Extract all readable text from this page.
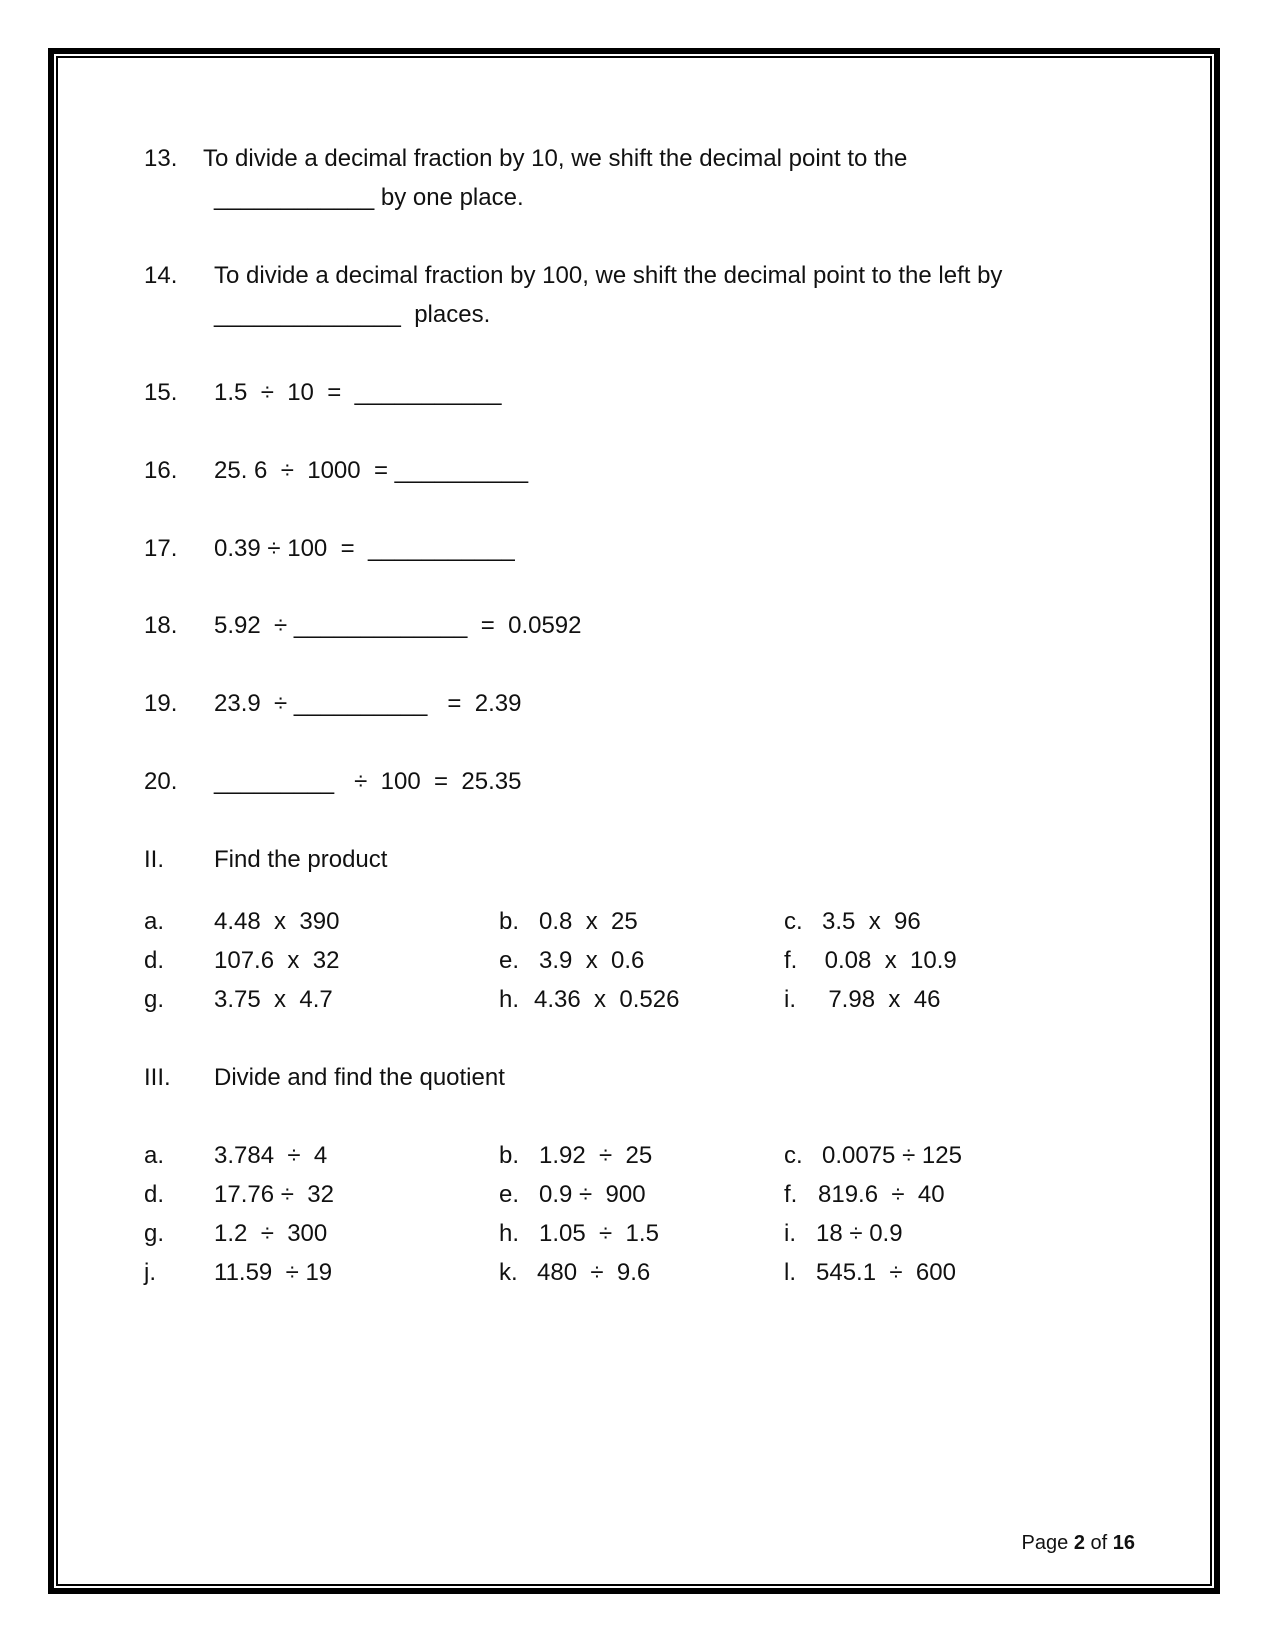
13. To divide a decimal fraction by 10, we shift the decimal point to the
____________ by one place.
14. To divide a decimal fraction by 100, we shift the decimal point to the left by
______________  places.
15. 1.5  ÷  10  =  ___________
16. 25. 6  ÷  1000  = __________
17. 0.39 ÷ 100  =  ___________
18. 5.92  ÷ _____________  =  0.0592
19. 23.9  ÷ __________   =  2.39
20. _________   ÷  100  =  25.35
II. Find the product
a. 4.48  x  390	b. 0.8  x  25	c. 3.5  x  96
d. 107.6  x  32	e. 3.9  x  0.6	f. 0.08  x  10.9
g. 3.75  x  4.7	h. 4.36  x  0.526	i. 7.98  x  46
III. Divide and find the quotient
a. 3.784  ÷  4	b. 1.92  ÷  25	c. 0.0075 ÷ 125
d. 17.76 ÷  32	e. 0.9 ÷  900	f. 819.6  ÷  40
g. 1.2  ÷  300	h. 1.05  ÷  1.5	i. 18 ÷ 0.9
j. 11.59  ÷ 19	k. 480  ÷  9.6	l. 545.1  ÷  600
Page 2 of 16
